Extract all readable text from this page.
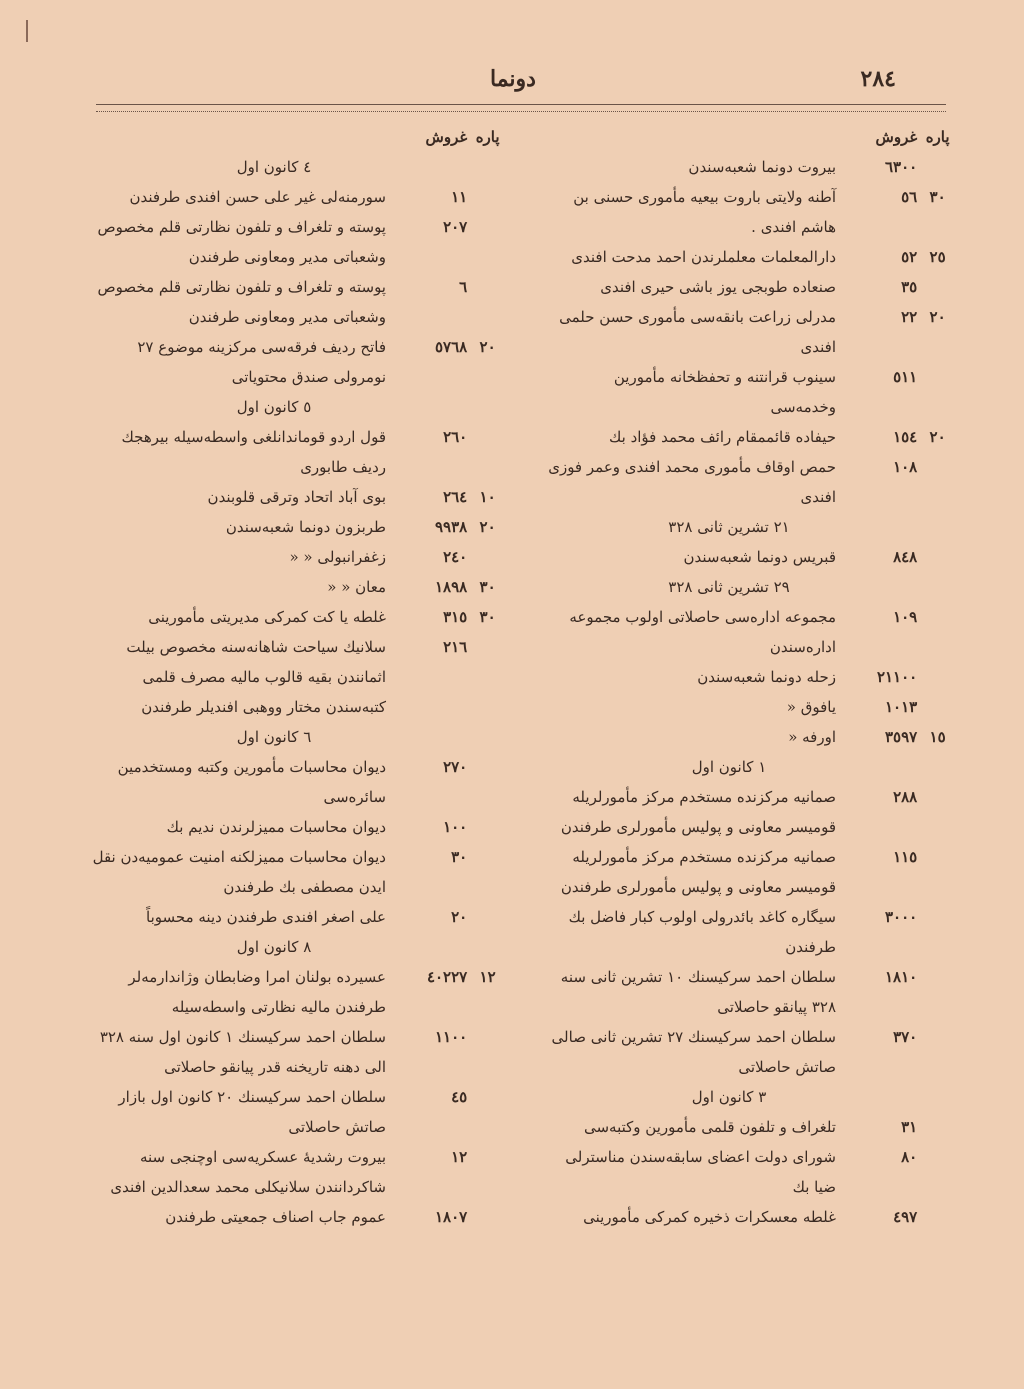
٢٨٤
دونما
پاره
غروش
٦٣٠٠
بیروت دونما شعبه‌سندن
٣٠
٥٦
آطنه ولایتی باروت بیعیه مأموری حسنی بن هاشم افندی .
٢٥
٥٢
دارالمعلمات معلملرندن احمد مدحت افندی
٣٥
صنعاده طوبجی یوز باشی حیری افندی
٢٠
٢٢
مدرلی زراعت بانقه‌سی مأموری حسن حلمی افندی
٥١١
سینوب قرانتنه و تحفظخانه مأمورین وخدمه‌سی
٢٠
١٥٤
حیفاده قائممقام رائف محمد فؤاد بك
١٠٨
حمص اوقاف مأموری محمد افندی وعمر فوزی افندی
٢١ تشرین ثانی ٣٢٨
٨٤٨
قبریس دونما شعبه‌سندن
٢٩ تشرین ثانی ٣٢٨
١٠٩
مجموعه اداره‌سی حاصلاتی اولوب مجموعه اداره‌سندن
٢١١٠٠
زحله دونما شعبه‌سندن
١٠١٣
یافوق «
١٥
٣٥٩٧
اورفه «
١ كانون اول
٢٨٨
صمانیه مرکزنده مستخدم مرکز مأمورلریله قومیسر معاونی و پولیس مأمورلری طرفندن
١١٥
صمانیه مرکزنده مستخدم مرکز مأمورلریله قومیسر معاونی و پولیس مأمورلری طرفندن
٣٠٠٠
سیگاره كاغد بائدرولی اولوب کبار فاضل بك طرفندن
١٨١٠
سلطان احمد سرکیسنك ١٠ تشرین ثانی سنه ٣٢٨ پیانقو حاصلاتی
٣٧٠
سلطان احمد سرکیسنك ٢٧ تشرین ثانی صالی صاتش حاصلاتی
٣ كانون اول
٣١
تلغراف و تلفون قلمی مأمورین وکتبه‌سی
٨٠
شورای دولت اعضای سابقه‌سندن مناسترلی ضیا بك
٤٩٧
غلطه معسکرات ذخیره کمرکی مأمورینی
پاره
غروش
٤ كانون اول
١١
سورمنه‌لی غیر علی حسن افندی طرفندن
٢٠٧
پوسته و تلغراف و تلفون نظارتی قلم مخصوص وشعباتی مدیر ومعاونی طرفندن
٦
پوسته و تلغراف و تلفون نظارتی قلم مخصوص وشعباتی مدیر ومعاونی طرفندن
٢٠
٥٧٦٨
فاتح ردیف فرقه‌سی مرکزینه موضوع ٢٧ نومرولی صندق محتویاتی
٥ كانون اول
٢٦٠
قول اردو قوماندانلغی واسطه‌سیله بیرهجك ردیف طابوری
١٠
٢٦٤
بوی آباد اتحاد وترقی قلوبندن
٢٠
٩٩٣٨
طربزون دونما شعبه‌سندن
٢٤٠
زغفرانبولی « «
٣٠
١٨٩٨
معان « «
٣٠
٣١٥
غلطه یا کت کمرکی مدیریتی مأمورینی
٢١٦
سلانیك سیاحت شاهانه‌سنه مخصوص بیلت اثمانندن بقیه قالوب مالیه مصرف قلمی کتبه‌سندن مختار ووهبی افندیلر طرفندن
٦ كانون اول
٢٧٠
دیوان محاسبات مأمورین وکتبه ومستخدمین سائره‌سی
١٠٠
دیوان محاسبات ممیزلرندن ندیم بك
٣٠
دیوان محاسبات ممیزلکنه امنیت عمومیه‌دن نقل ایدن مصطفی بك طرفندن
٢٠
علی اصغر افندی طرفندن دینه محسوباً
٨ كانون اول
١٢
٤٠٢٢٧
عسیرده بولنان امرا وضابطان وژاندارمه‌لر طرفندن مالیه نظارتی واسطه‌سیله
١١٠٠
سلطان احمد سرکیسنك ١ كانون اول سنه ٣٢٨ الی دهنه تاریخنه قدر پیانقو حاصلاتی
٤٥
سلطان احمد سرکیسنك ٢٠ كانون اول بازار صاتش حاصلاتی
١٢
بیروت رشدیهٔ عسکریه‌سی اوچنجی سنه شاکردانندن سلانیکلی محمد سعدالدین افندی
١٨٠٧
عموم جاب اصناف جمعیتی طرفندن
